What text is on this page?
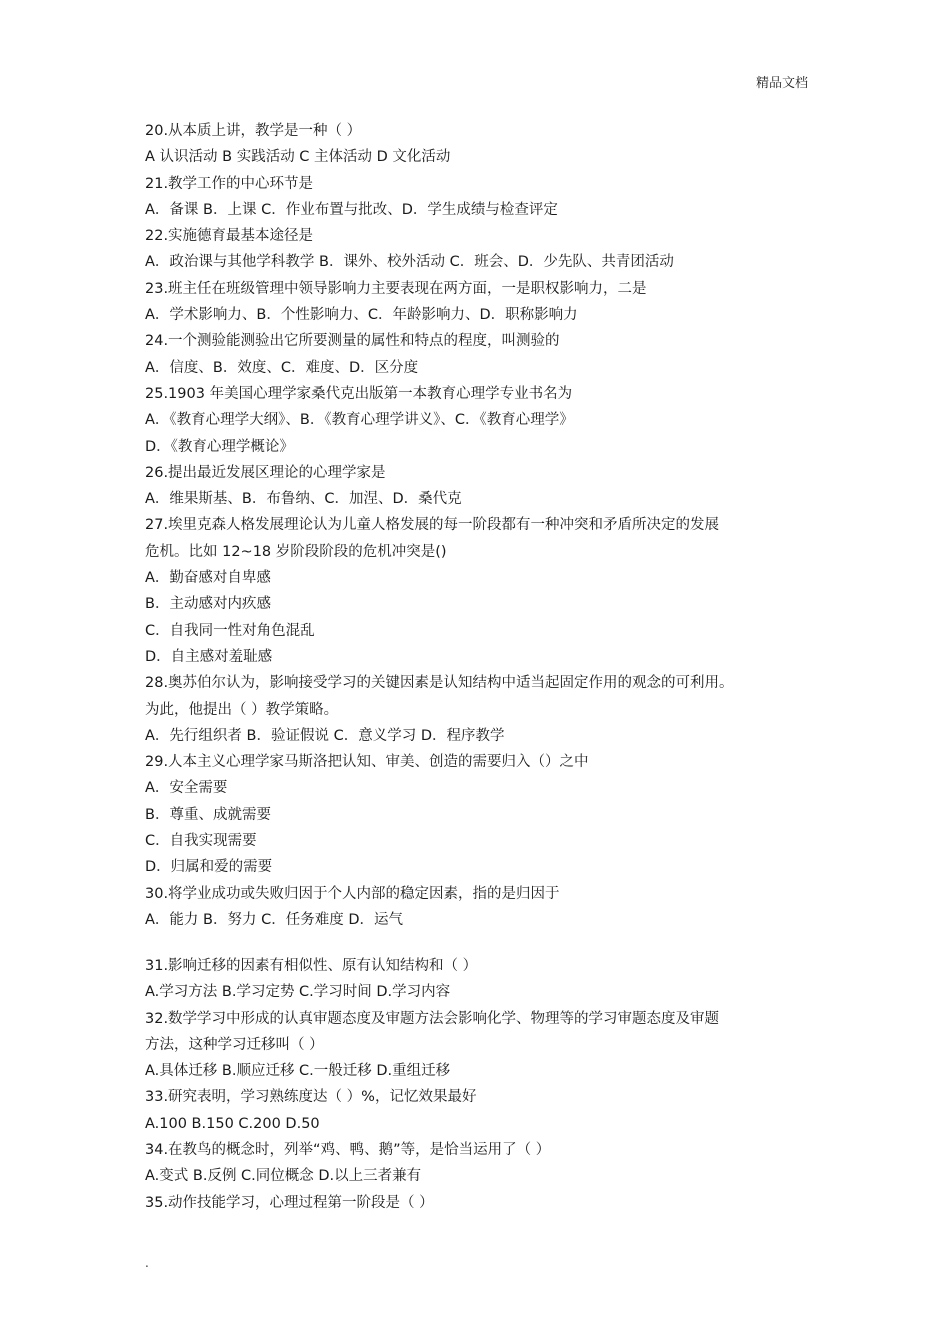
精品文档
20.从本质上讲，教学是一种（ ）
A 认识活动 B 实践活动 C 主体活动 D 文化活动
21.教学工作的中心环节是
A．备课 B．上课 C．作业布置与批改、D．学生成绩与检查评定
22.实施德育最基本途径是
A．政治课与其他学科教学 B．课外、校外活动 C．班会、D．少先队、共青团活动
23.班主任在班级管理中领导影响力主要表现在两方面，一是职权影响力，二是
A．学术影响力、B．个性影响力、C．年龄影响力、D．职称影响力
24.一个测验能测验出它所要测量的属性和特点的程度，叫测验的
A．信度、B．效度、C．难度、D．区分度
25.1903 年美国心理学家桑代克出版第一本教育心理学专业书名为
A．《教育心理学大纲》、B．《教育心理学讲义》、C．《教育心理学》
D．《教育心理学概论》
26.提出最近发展区理论的心理学家是
A．维果斯基、B．布鲁纳、C．加涅、D．桑代克
27.埃里克森人格发展理论认为儿童人格发展的每一阶段都有一种冲突和矛盾所决定的发展
危机。比如 12~18 岁阶段阶段的危机冲突是()
A．勤奋感对自卑感
B．主动感对内疚感
C．自我同一性对角色混乱
D．自主感对羞耻感
28.奥苏伯尔认为，影响接受学习的关键因素是认知结构中适当起固定作用的观念的可利用。
为此，他提出（ ）教学策略。
A．先行组织者 B．验证假说 C．意义学习 D．程序教学
29.人本主义心理学家马斯洛把认知、审美、创造的需要归入（）之中
A．安全需要
B．尊重、成就需要
C．自我实现需要
D．归属和爱的需要
30.将学业成功或失败归因于个人内部的稳定因素，指的是归因于
A．能力 B．努力 C．任务难度 D．运气
31.影响迁移的因素有相似性、原有认知结构和（ ）
A.学习方法 B.学习定势 C.学习时间 D.学习内容
32.数学学习中形成的认真审题态度及审题方法会影响化学、物理等的学习审题态度及审题
方法，这种学习迁移叫（ ）
A.具体迁移 B.顺应迁移 C.一般迁移 D.重组迁移
33.研究表明，学习熟练度达（ ）%，记忆效果最好
A.100 B.150 C.200 D.50
34.在教鸟的概念时，列举“鸡、鸭、鹅”等，是恰当运用了（ ）
A.变式 B.反例 C.同位概念 D.以上三者兼有
35.动作技能学习，心理过程第一阶段是（ ）
.
